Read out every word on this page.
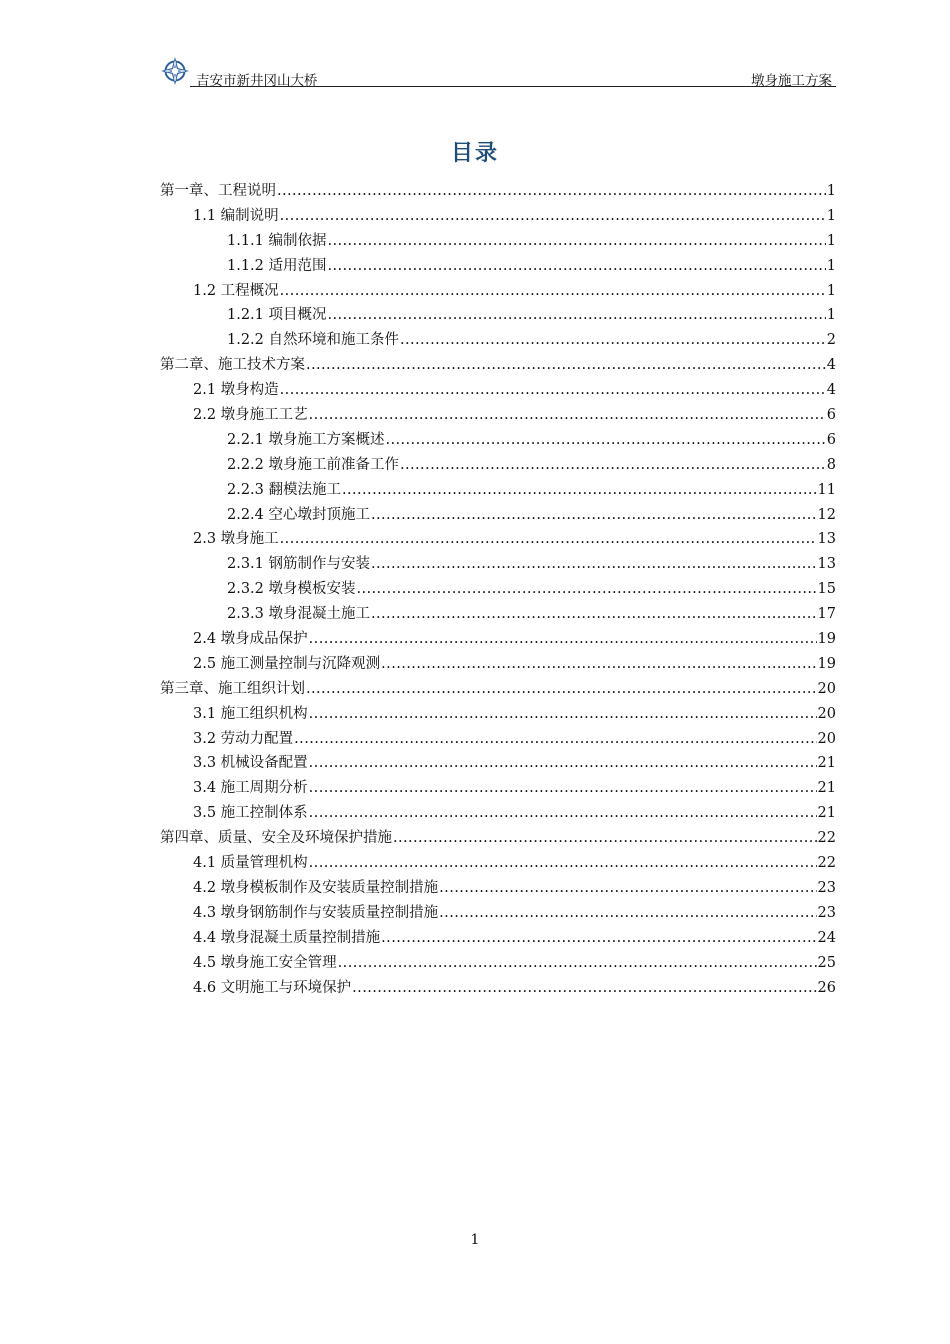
吉安市新井冈山大桥	墩身施工方案
目录
第一章、工程说明 .....	1
1.1 编制说明 .....	1
1.1.1 编制依据 .....	1
1.1.2 适用范围 .....	1
1.2 工程概况 .....	1
1.2.1 项目概况 .....	1
1.2.2 自然环境和施工条件 .....	2
第二章、施工技术方案 .....	4
2.1 墩身构造 .....	4
2.2 墩身施工工艺 .....	6
2.2.1 墩身施工方案概述 .....	6
2.2.2 墩身施工前准备工作 .....	8
2.2.3 翻模法施工 .....	11
2.2.4 空心墩封顶施工 .....	12
2.3 墩身施工 .....	13
2.3.1 钢筋制作与安装 .....	13
2.3.2 墩身模板安装 .....	15
2.3.3 墩身混凝土施工 .....	17
2.4 墩身成品保护 .....	19
2.5 施工测量控制与沉降观测 .....	19
第三章、施工组织计划 .....	20
3.1 施工组织机构 .....	20
3.2 劳动力配置 .....	20
3.3 机械设备配置 .....	21
3.4 施工周期分析 .....	21
3.5 施工控制体系 .....	21
第四章、质量、安全及环境保护措施 .....	22
4.1 质量管理机构 .....	22
4.2 墩身模板制作及安装质量控制措施 .....	23
4.3 墩身钢筋制作与安装质量控制措施 .....	23
4.4 墩身混凝土质量控制措施 .....	24
4.5 墩身施工安全管理 .....	25
4.6 文明施工与环境保护 .....	26
1
